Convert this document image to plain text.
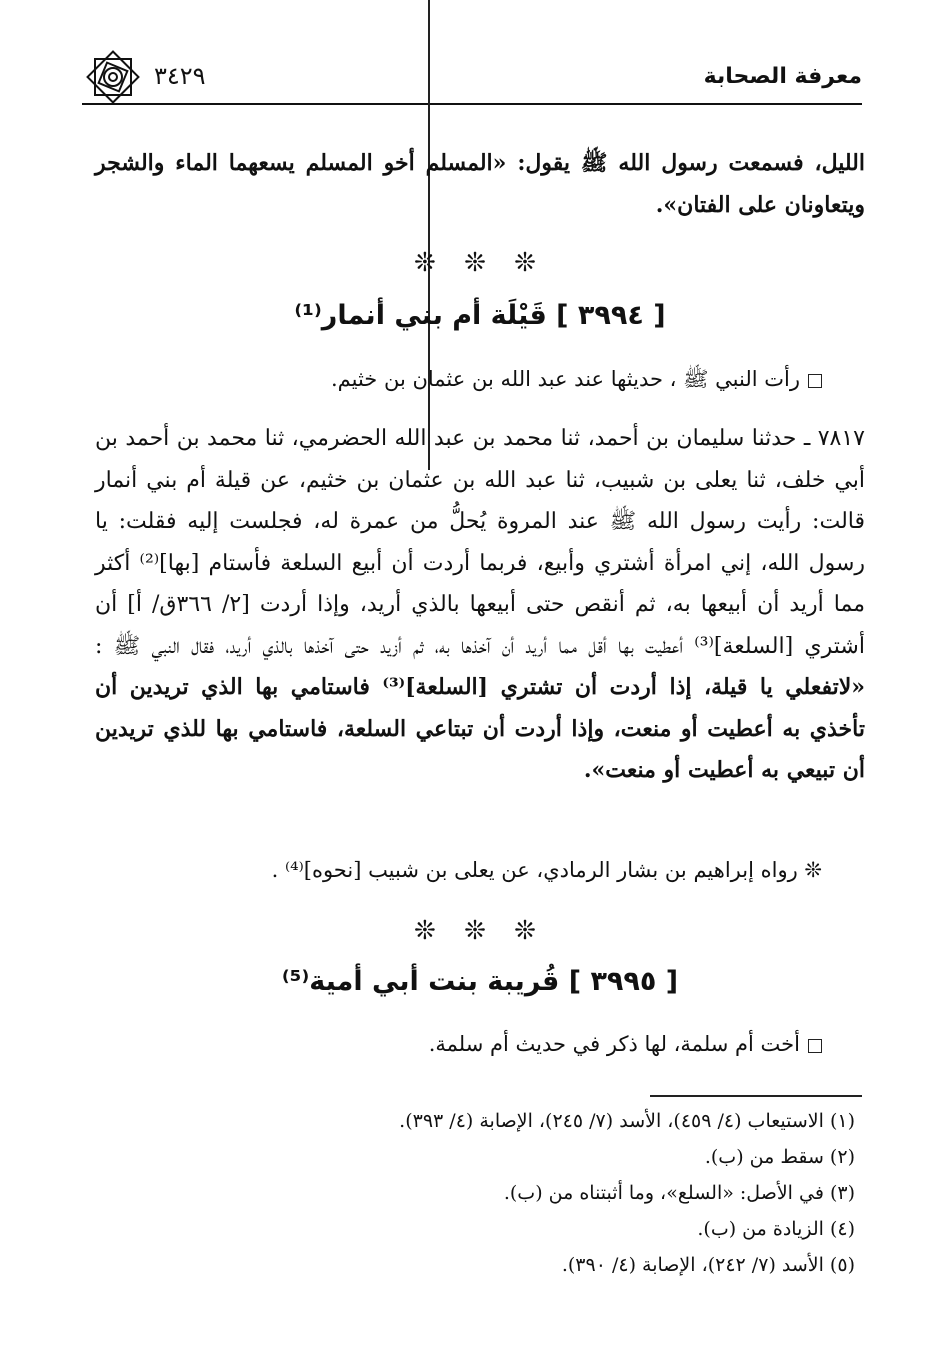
٣٤٢٩	معرفة الصحابة
الليل، فسمعت رسول الله ﷺ يقول: «المسلم أخو المسلم يسعهما الماء والشجر ويتعاونان على الفتان».
❊ ❊ ❊
[ ٣٩٩٤ ] قَيْلَة أم بني أنمار⁽¹⁾
رأت النبي ﷺ ، حديثها عند عبد الله بن عثمان بن خثيم.
٧٨١٧ ـ حدثنا سليمان بن أحمد، ثنا محمد بن عبد الله الحضرمي، ثنا محمد بن أحمد بن أبي خلف، ثنا يعلى بن شبيب، ثنا عبد الله بن عثمان بن خثيم، عن قيلة أم بني أنمار قالت: رأيت رسول الله ﷺ عند المروة يُحلُّ من عمرة له، فجلست إليه فقلت: يا رسول الله، إني امرأة أشتري وأبيع، فربما أردت أن أبيع السلعة فأستام [بها]⁽²⁾ أكثر مما أريد أن أبيعها به، ثم أنقص حتى أبيعها بالذي أريد، وإذا أردت [٢/ ٣٦٦ق/ أ] أن أشتري [السلعة]⁽³⁾ أعطيت بها أقل مما أريد أن آخذها به، ثم أزيد حتى آخذها بالذي أريد، فقال النبي ﷺ : «لاتفعلي يا قيلة، إذا أردت أن تشتري [السلعة]⁽³⁾ فاستامي بها الذي تريدين أن تأخذي به أعطيت أو منعت، وإذا أردت أن تبتاعي السلعة، فاستامي بها للذي تريدين أن تبيعي به أعطيت أو منعت».
❊ رواه إبراهيم بن بشار الرمادي، عن يعلى بن شبيب [نحوه]⁽⁴⁾ .
❊ ❊ ❊
[ ٣٩٩٥ ] قُريبة بنت أبي أمية⁽⁵⁾
أخت أم سلمة، لها ذكر في حديث أم سلمة.
(١) الاستيعاب (٤/ ٤٥٩)، الأسد (٧/ ٢٤٥)، الإصابة (٤/ ٣٩٣).
(٢) سقط من (ب).
(٣) في الأصل: «السلع»، وما أثبتناه من (ب).
(٤) الزيادة من (ب).
(٥) الأسد (٧/ ٢٤٢)، الإصابة (٤/ ٣٩٠).
